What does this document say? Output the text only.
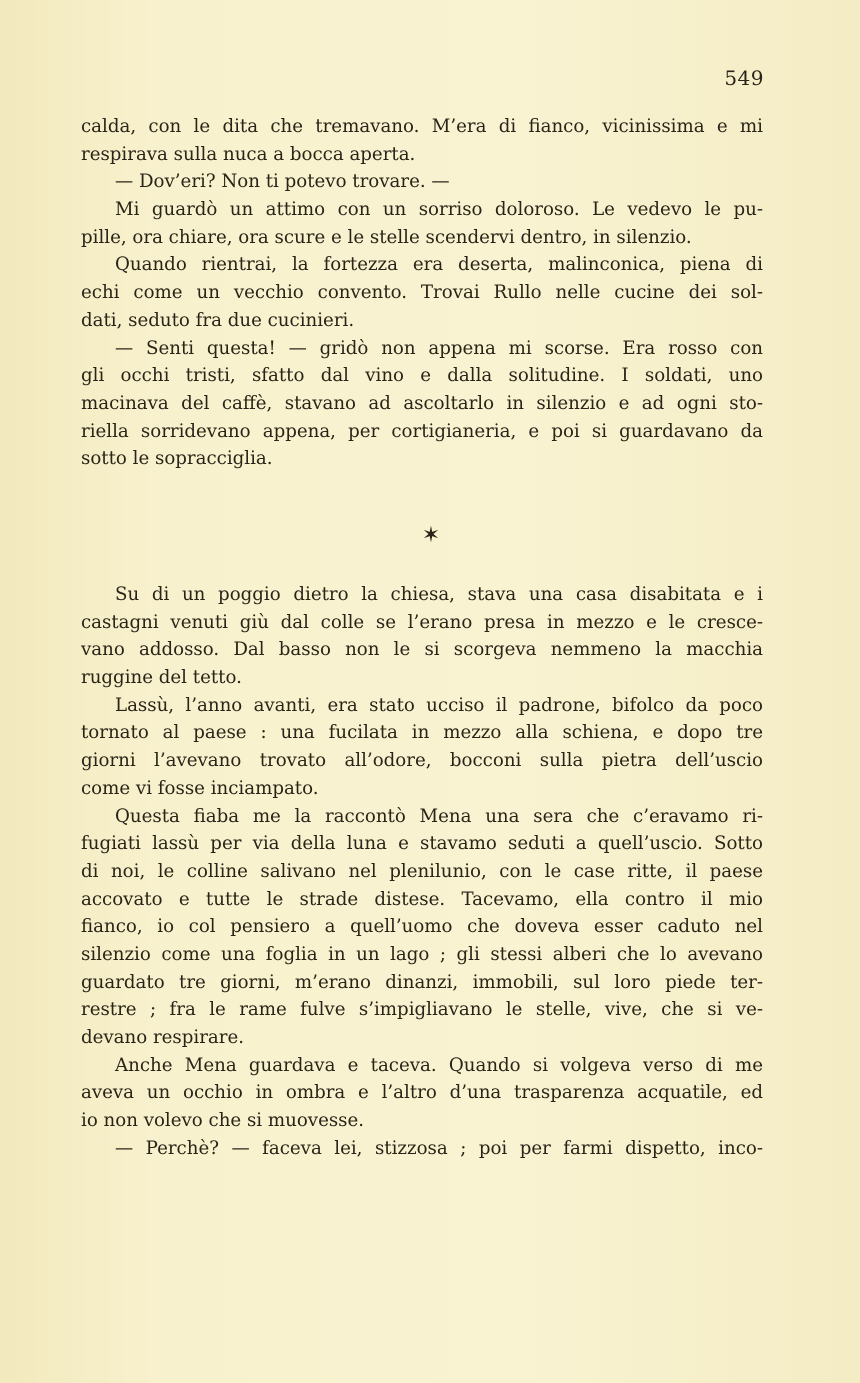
549
calda, con le dita che tremavano. M’era di fianco, vicinissima e mi
respirava sulla nuca a bocca aperta.
— Dov’eri? Non ti potevo trovare. —
Mi guardò un attimo con un sorriso doloroso. Le vedevo le pu-
pille, ora chiare, ora scure e le stelle scendervi dentro, in silenzio.
Quando rientrai, la fortezza era deserta, malinconica, piena di
echi come un vecchio convento. Trovai Rullo nelle cucine dei sol-
dati, seduto fra due cucinieri.
— Senti questa! — gridò non appena mi scorse. Era rosso con
gli occhi tristi, sfatto dal vino e dalla solitudine. I soldati, uno
macinava del caffè, stavano ad ascoltarlo in silenzio e ad ogni sto-
riella sorridevano appena, per cortigianeria, e poi si guardavano da
sotto le sopracciglia.
✶
Su di un poggio dietro la chiesa, stava una casa disabitata e i
castagni venuti giù dal colle se l’erano presa in mezzo e le cresce-
vano addosso. Dal basso non le si scorgeva nemmeno la macchia
ruggine del tetto.
Lassù, l’anno avanti, era stato ucciso il padrone, bifolco da poco
tornato al paese : una fucilata in mezzo alla schiena, e dopo tre
giorni l’avevano trovato all’odore, bocconi sulla pietra dell’uscio
come vi fosse inciampato.
Questa fiaba me la raccontò Mena una sera che c’eravamo ri-
fugiati lassù per via della luna e stavamo seduti a quell’uscio. Sotto
di noi, le colline salivano nel plenilunio, con le case ritte, il paese
accovato e tutte le strade distese. Tacevamo, ella contro il mio
fianco, io col pensiero a quell’uomo che doveva esser caduto nel
silenzio come una foglia in un lago ; gli stessi alberi che lo avevano
guardato tre giorni, m’erano dinanzi, immobili, sul loro piede ter-
restre ; fra le rame fulve s’impigliavano le stelle, vive, che si ve-
devano respirare.
Anche Mena guardava e taceva. Quando si volgeva verso di me
aveva un occhio in ombra e l’altro d’una trasparenza acquatile, ed
io non volevo che si muovesse.
— Perchè? — faceva lei, stizzosa ; poi per farmi dispetto, inco-
